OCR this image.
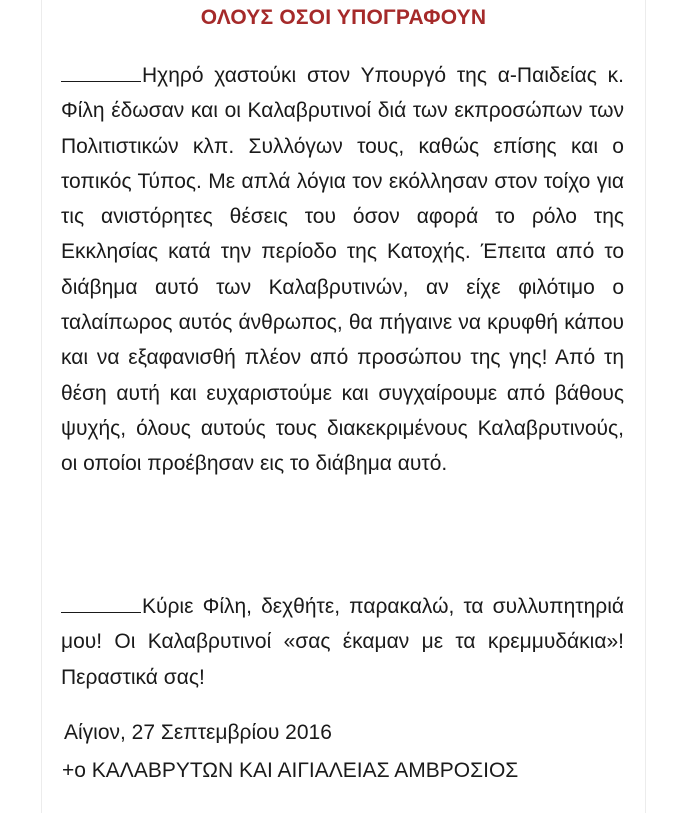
ΟΛΟΥΣ ΟΣΟΙ ΥΠΟΓΡΑΦΟΥΝ

Ηχηρό χαστούκι στον Υπουργό της α-Παιδείας κ. Φίλη έδωσαν και οι Καλαβρυτινοί διά των εκπροσώπων των Πολιτιστικών κλπ. Συλλόγων τους, καθώς επίσης και ο τοπικός Τύπος. Με απλά λόγια τον εκόλλησαν στον τοίχο για τις ανιστόρητες θέσεις του όσον αφορά το ρόλο της Εκκλησίας κατά την περίοδο της Κατοχής. Έπειτα από το διάβημα αυτό των Καλαβρυτινών, αν είχε φιλότιμο ο ταλαίπωρος αυτός άνθρωπος, θα πήγαινε να κρυφθή κάπου και να εξαφανισθή πλέον από προσώπου της γης! Από τη θέση αυτή και ευχαριστούμε και συγχαίρουμε από βάθους ψυχής, όλους αυτούς τους διακεκριμένους Καλαβρυτινούς, οι οποίοι προέβησαν εις το διάβημα αυτό.

Κύριε Φίλη, δεχθήτε, παρακαλώ, τα συλλυπητηριά μου! Οι Καλαβρυτινοί «σας έκαμαν με τα κρεμμυδάκια»! Περαστικά σας!

Αίγιον, 27 Σεπτεμβρίου 2016

+ο ΚΑΛΑΒΡΥΤΩΝ ΚΑΙ ΑΙΓΙΑΛΕΙΑΣ ΑΜΒΡΟΣΙΟΣ
